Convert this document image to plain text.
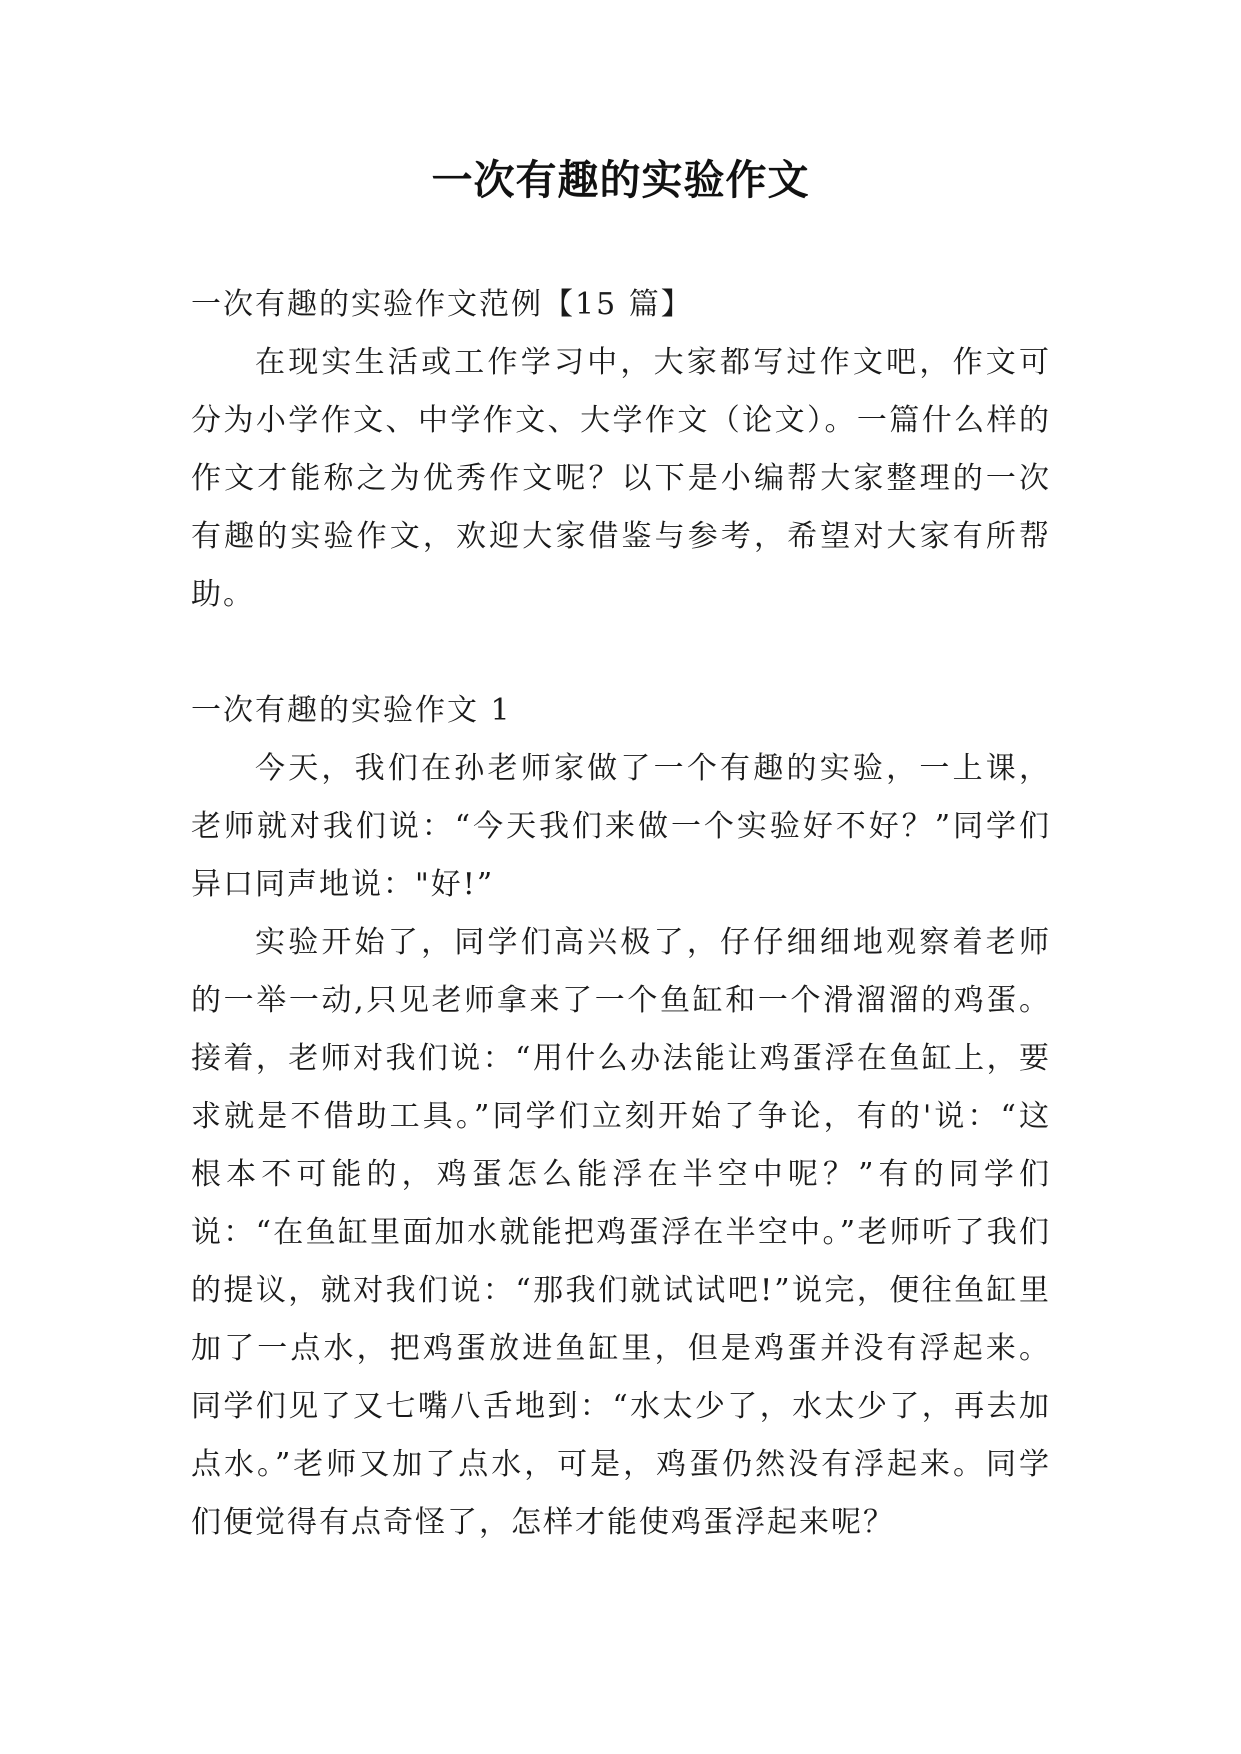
一次有趣的实验作文

一次有趣的实验作文范例【15 篇】

在现实生活或工作学习中，大家都写过作文吧，作文可分为小学作文、中学作文、大学作文（论文）。一篇什么样的作文才能称之为优秀作文呢？以下是小编帮大家整理的一次有趣的实验作文，欢迎大家借鉴与参考，希望对大家有所帮助。

一次有趣的实验作文 1

今天，我们在孙老师家做了一个有趣的实验，一上课，老师就对我们说：“今天我们来做一个实验好不好？”同学们异口同声地说："好!”

实验开始了，同学们高兴极了，仔仔细细地观察着老师的一举一动,只见老师拿来了一个鱼缸和一个滑溜溜的鸡蛋。接着，老师对我们说：“用什么办法能让鸡蛋浮在鱼缸上，要求就是不借助工具。”同学们立刻开始了争论，有的'说：“这根本不可能的，鸡蛋怎么能浮在半空中呢？”有的同学们说：“在鱼缸里面加水就能把鸡蛋浮在半空中。”老师听了我们的提议，就对我们说：“那我们就试试吧!”说完，便往鱼缸里加了一点水，把鸡蛋放进鱼缸里，但是鸡蛋并没有浮起来。同学们见了又七嘴八舌地到：“水太少了，水太少了，再去加点水。”老师又加了点水，可是，鸡蛋仍然没有浮起来。同学们便觉得有点奇怪了，怎样才能使鸡蛋浮起来呢？
